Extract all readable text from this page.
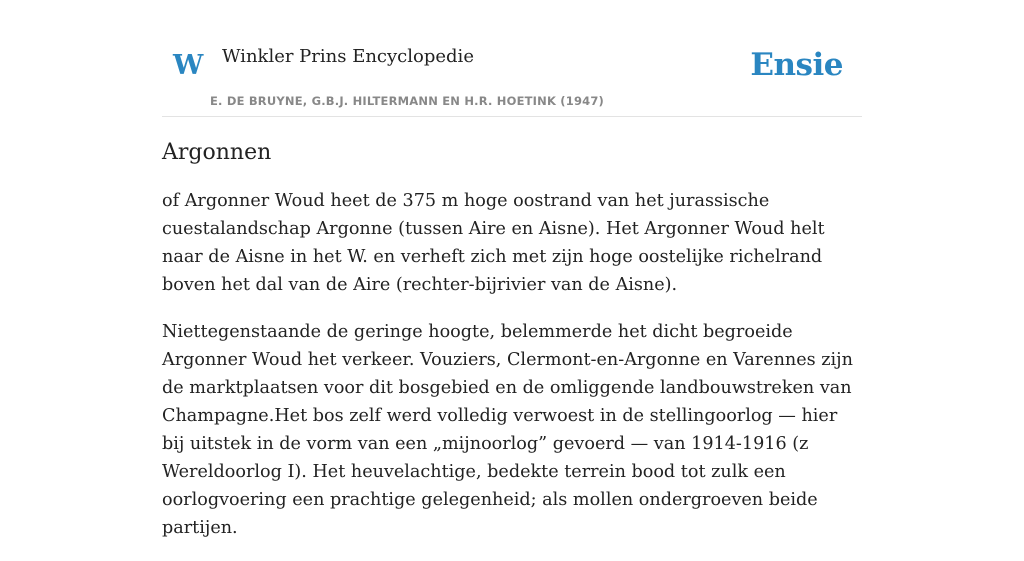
W Winkler Prins Encyclopedie
E. DE BRUYNE, G.B.J. HILTERMANN EN H.R. HOETINK (1947)
Ensie
Argonnen

of Argonner Woud heet de 375 m hoge oostrand van het jurassische cuestalandschap Argonne (tussen Aire en Aisne). Het Argonner Woud helt naar de Aisne in het W. en verheft zich met zijn hoge oostelijke richelrand boven het dal van de Aire (rechter-bijrivier van de Aisne).

Niettegenstaande de geringe hoogte, belemmerde het dicht begroeide Argonner Woud het verkeer. Vouziers, Clermont-en-Argonne en Varennes zijn de marktplaatsen voor dit bosgebied en de omliggende landbouwstreken van Champagne.Het bos zelf werd volledig verwoest in de stellingoorlog — hier bij uitstek in de vorm van een „mijnoorlog” gevoerd — van 1914-1916 (z Wereldoorlog I). Het heuvelachtige, bedekte terrein bood tot zulk een oorlogvoering een prachtige gelegenheid; als mollen ondergroeven beide partijen.
